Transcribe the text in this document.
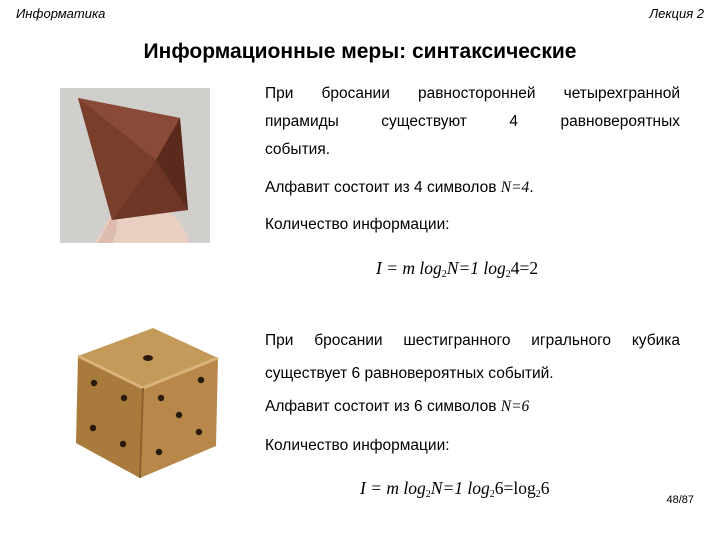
Информатика	Лекция 2
Информационные меры: синтаксические
При бросании равносторонней четырехгранной
пирамиды существуют 4 равновероятных
события.
Алфавит состоит из 4 символов N=4.
Количество информации:
I = m $\log_2N=1$ $\log_24=2$
При бросании шестигранного игрального кубика
существует 6 равновероятных событий.
Алфавит состоит из 6 символов N=6
Количество информации:
I = m $\log_2N=1$ $\log_26=\log_26$
48/87
